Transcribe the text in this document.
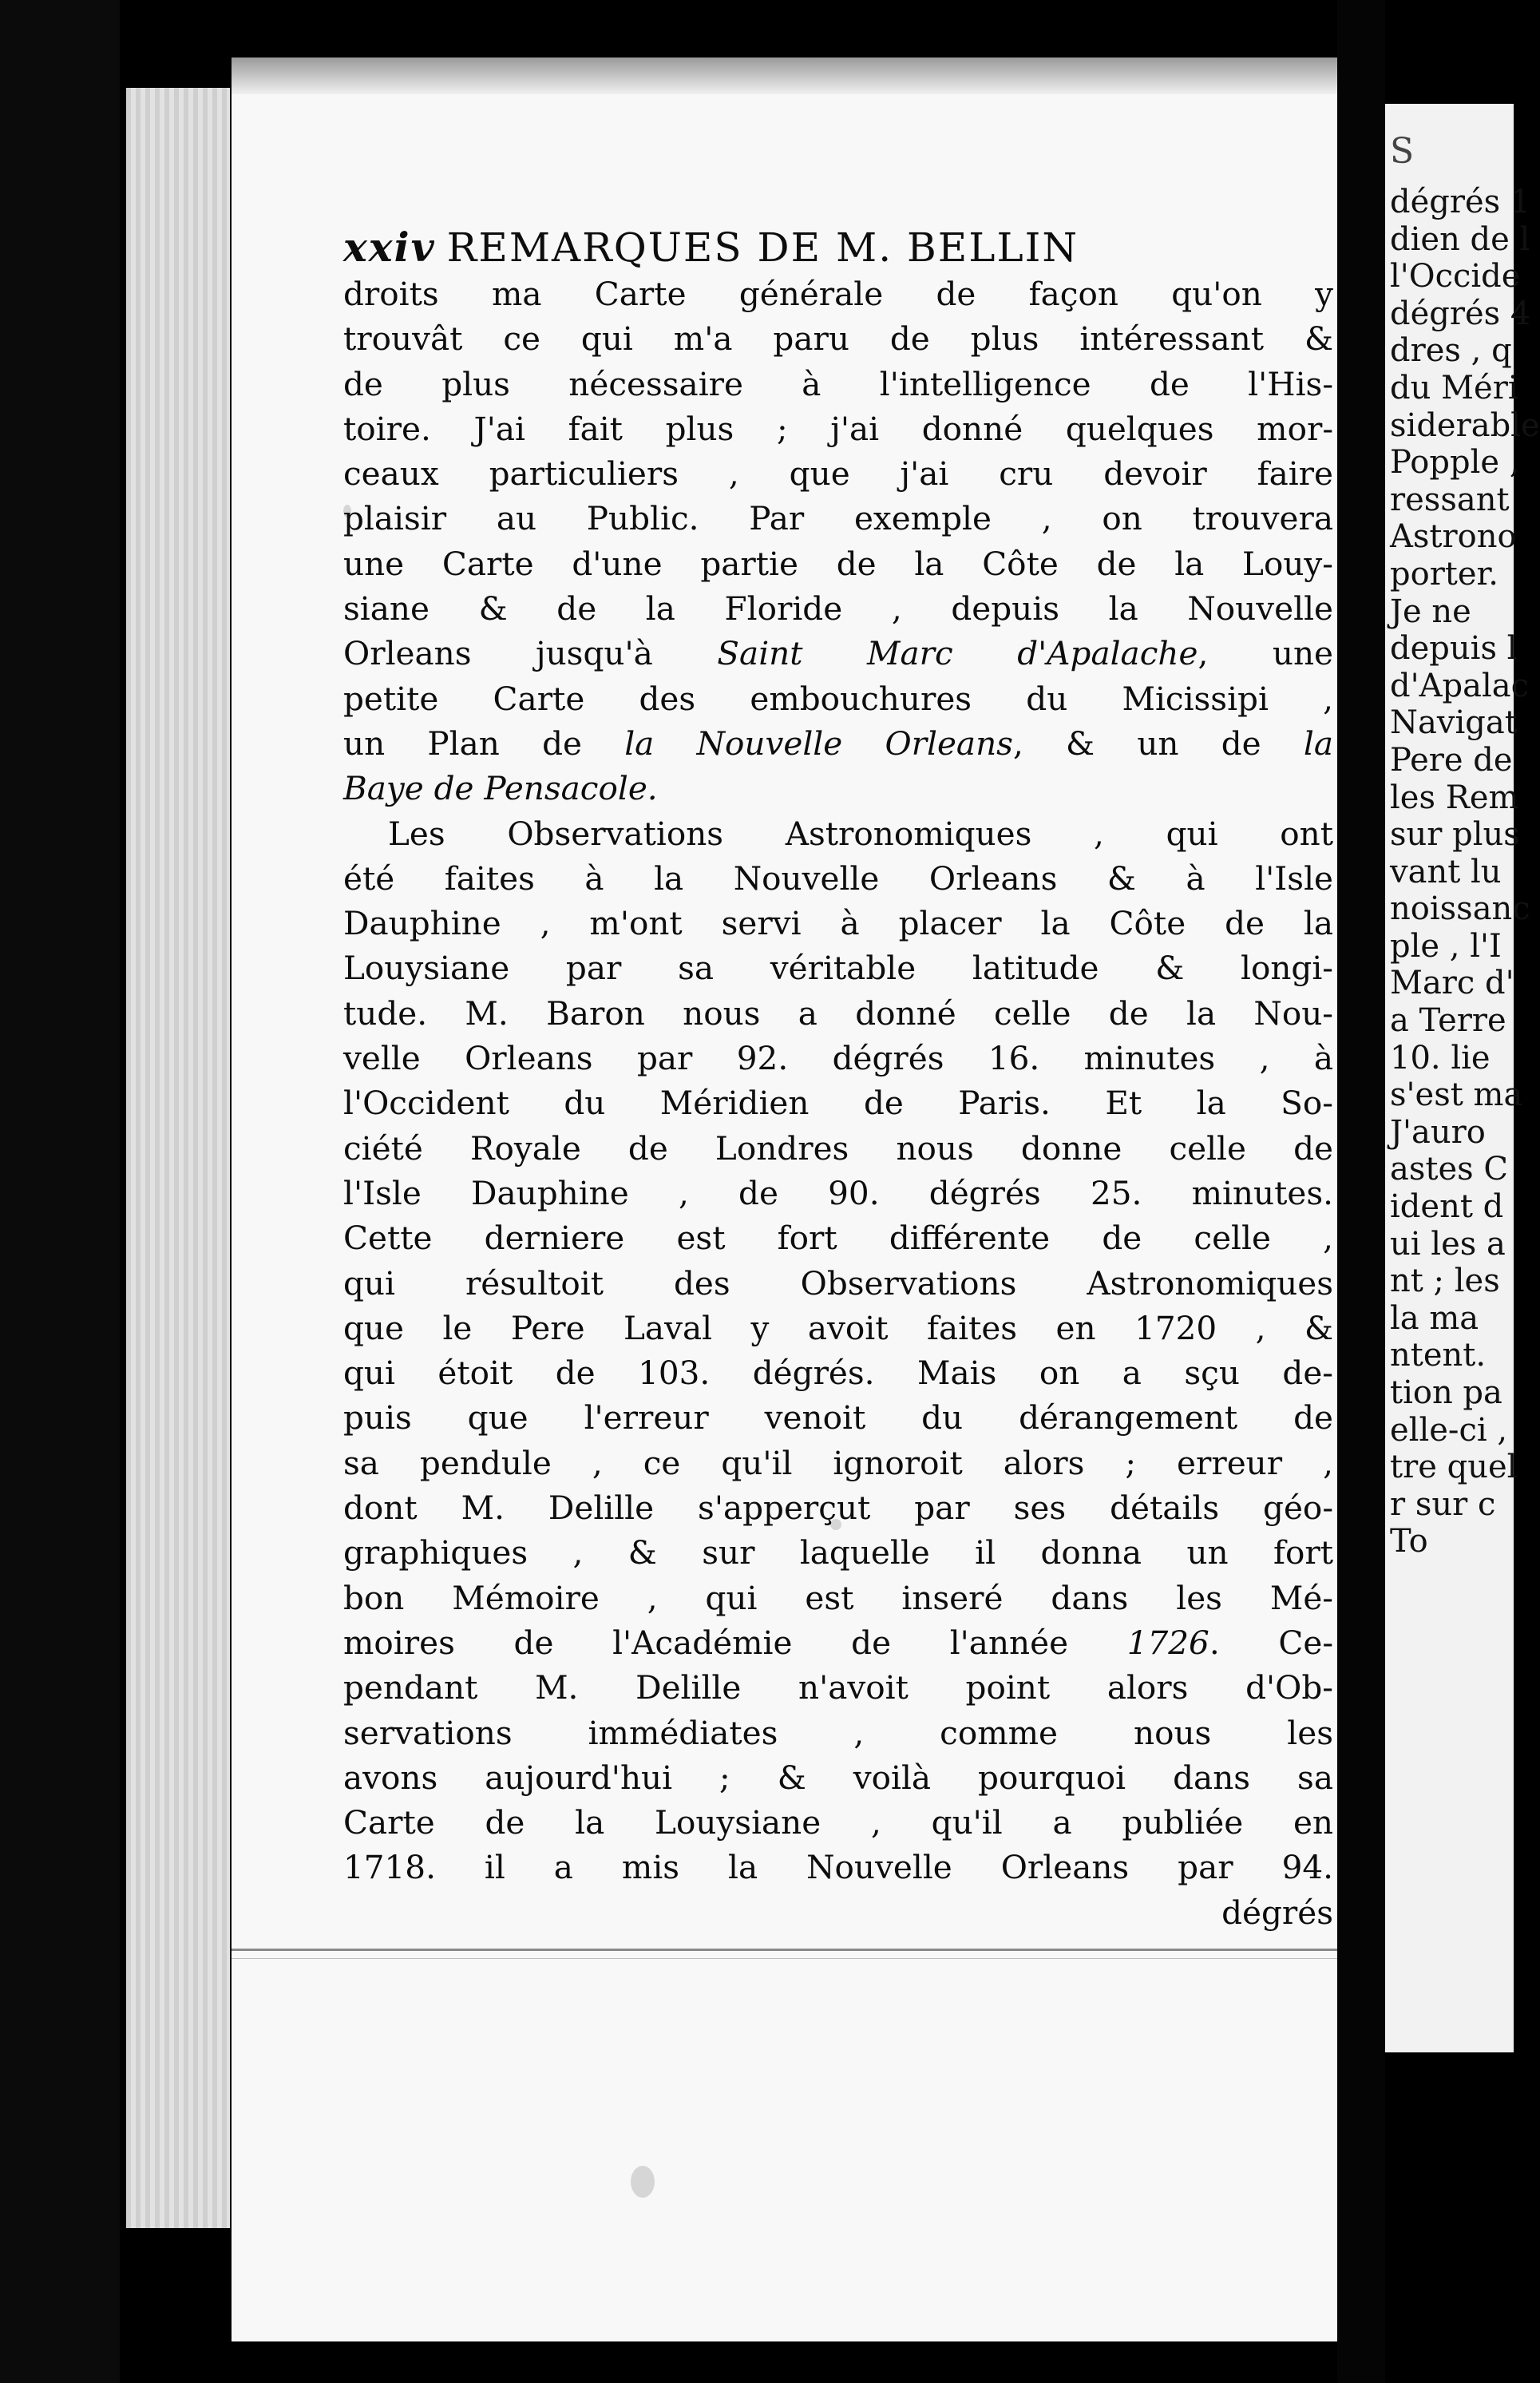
xxiv REMARQUES DE M. BELLIN
droits ma Carte générale de façon qu'on y
trouvât ce qui m'a paru de plus intéressant &
de plus nécessaire à l'intelligence de l'His-
toire. J'ai fait plus ; j'ai donné quelques mor-
ceaux particuliers , que j'ai cru devoir faire
plaisir au Public. Par exemple , on trouvera
une Carte d'une partie de la Côte de la Louy-
siane & de la Floride , depuis la Nouvelle
Orleans jusqu'à Saint Marc d'Apalache, une
petite Carte des embouchures du Micissipi ,
un Plan de la Nouvelle Orleans, & un de la
Baye de Pensacole.
Les Observations Astronomiques , qui ont
été faites à la Nouvelle Orleans & à l'Isle
Dauphine , m'ont servi à placer la Côte de la
Louysiane par sa véritable latitude & longi-
tude. M. Baron nous a donné celle de la Nou-
velle Orleans par 92. dégrés 16. minutes , à
l'Occident du Méridien de Paris. Et la So-
ciété Royale de Londres nous donne celle de
l'Isle Dauphine , de 90. dégrés 25. minutes.
Cette derniere est fort différente de celle ,
qui résultoit des Observations Astronomiques
que le Pere Laval y avoit faites en 1720 , &
qui étoit de 103. dégrés. Mais on a sçu de-
puis que l'erreur venoit du dérangement de
sa pendule , ce qu'il ignoroit alors ; erreur ,
dont M. Delille s'apperçut par ses détails géo-
graphiques , & sur laquelle il donna un fort
bon Mémoire , qui est inseré dans les Mé-
moires de l'Académie de l'année 1726. Ce-
pendant M. Delille n'avoit point alors d'Ob-
servations immédiates , comme nous les
avons aujourd'hui ; & voilà pourquoi dans sa
Carte de la Louysiane , qu'il a publiée en
1718. il a mis la Nouvelle Orleans par 94.
dégrés
S
dégrés 1
dien de l
l'Occide
dégrés 4
dres , q
du Méri
siderable
Popple ,
ressant
Astrono
porter.
Je ne
depuis l
d'Apalac
Navigat
Pere de
les Rem
sur plus
vant lu
noissanc
ple , l'I
Marc d'
a Terre
10. lie
s'est ma
J'auro
astes C
ident d
ui les a
nt ; les
la ma
ntent.
tion pa
elle-ci ,
tre quel
r sur c
To
